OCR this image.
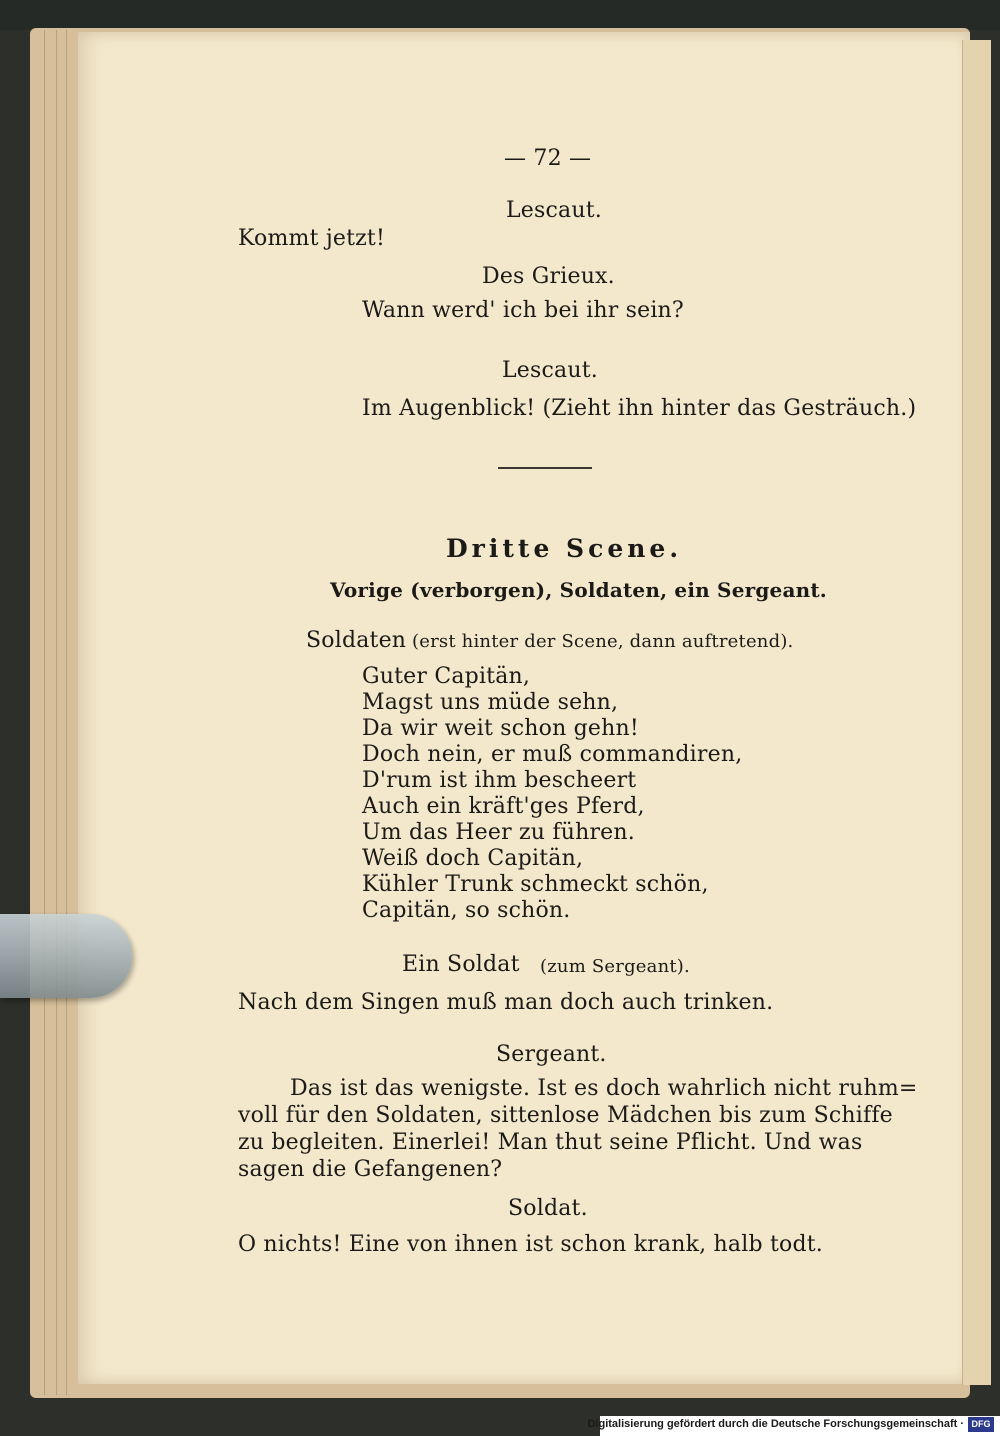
— 72 —
Lescaut.
Kommt jetzt!
Des Grieux.
Wann werd' ich bei ihr sein?
Lescaut.
Im Augenblick! (Zieht ihn hinter das Gesträuch.)
Dritte Scene.
Vorige (verborgen), Soldaten, ein Sergeant.
Soldaten (erst hinter der Scene, dann auftretend).
Guter Capitän,
Magst uns müde sehn,
Da wir weit schon gehn!
Doch nein, er muß commandiren,
D'rum ist ihm bescheert
Auch ein kräft'ges Pferd,
Um das Heer zu führen.
Weiß doch Capitän,
Kühler Trunk schmeckt schön,
Capitän, so schön.
Ein Soldat (zum Sergeant).
Nach dem Singen muß man doch auch trinken.
Sergeant.
Das ist das wenigste. Ist es doch wahrlich nicht ruhm=
voll für den Soldaten, sittenlose Mädchen bis zum Schiffe
zu begleiten. Einerlei! Man thut seine Pflicht. Und was
sagen die Gefangenen?
Soldat.
O nichts! Eine von ihnen ist schon krank, halb todt.
Digitalisierung gefördert durch die Deutsche Forschungsgemeinschaft · DFG
